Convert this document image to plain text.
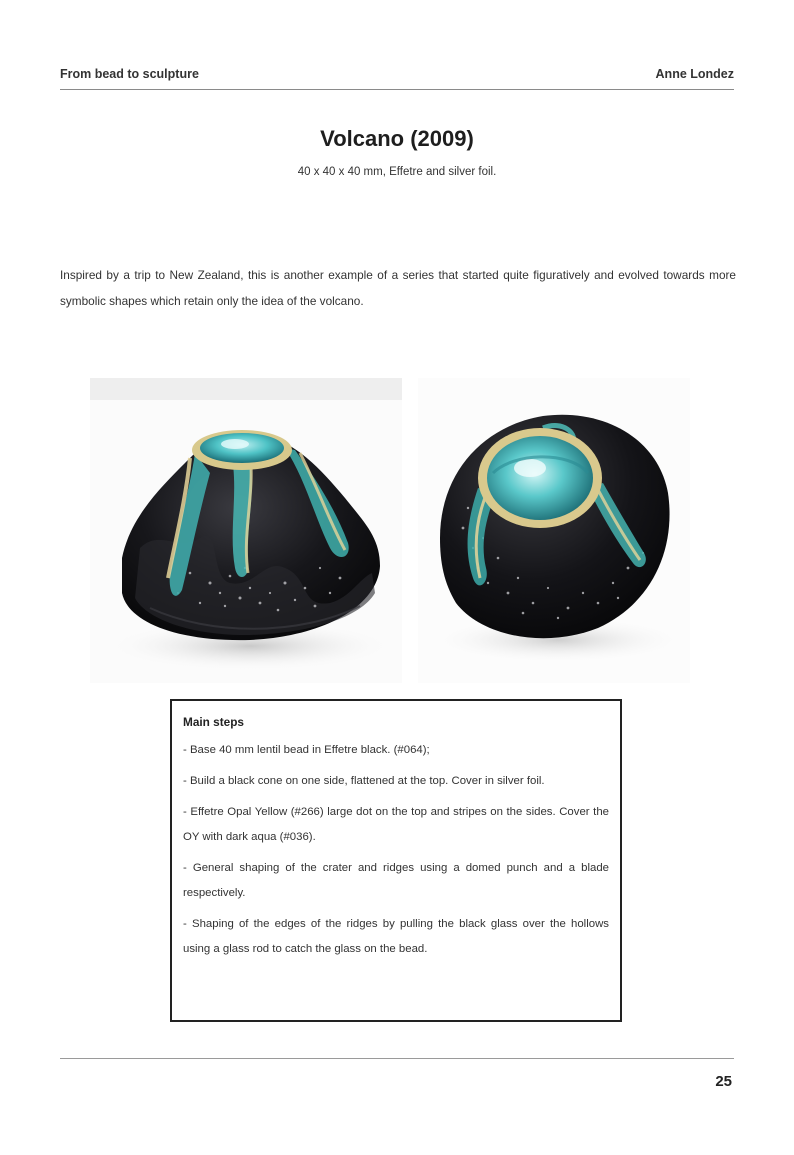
From bead to sculpture	Anne Londez
Volcano (2009)
40 x 40 x 40 mm, Effetre and silver foil.
Inspired by a trip to New Zealand, this is another example of a series that started quite figuratively and evolved towards more symbolic shapes which retain only the idea of the volcano.
Main steps
- Base 40 mm lentil bead in Effetre black. (#064);
- Build a black cone on one side, flattened at the top. Cover in silver foil.
- Effetre Opal Yellow (#266) large dot on the top and stripes on the sides. Cover the OY with dark aqua (#036).
- General shaping of the crater and ridges using a domed punch and a blade respectively.
- Shaping of the edges of the ridges by pulling the black glass over the hollows using a glass rod to catch the glass on the bead.
25
